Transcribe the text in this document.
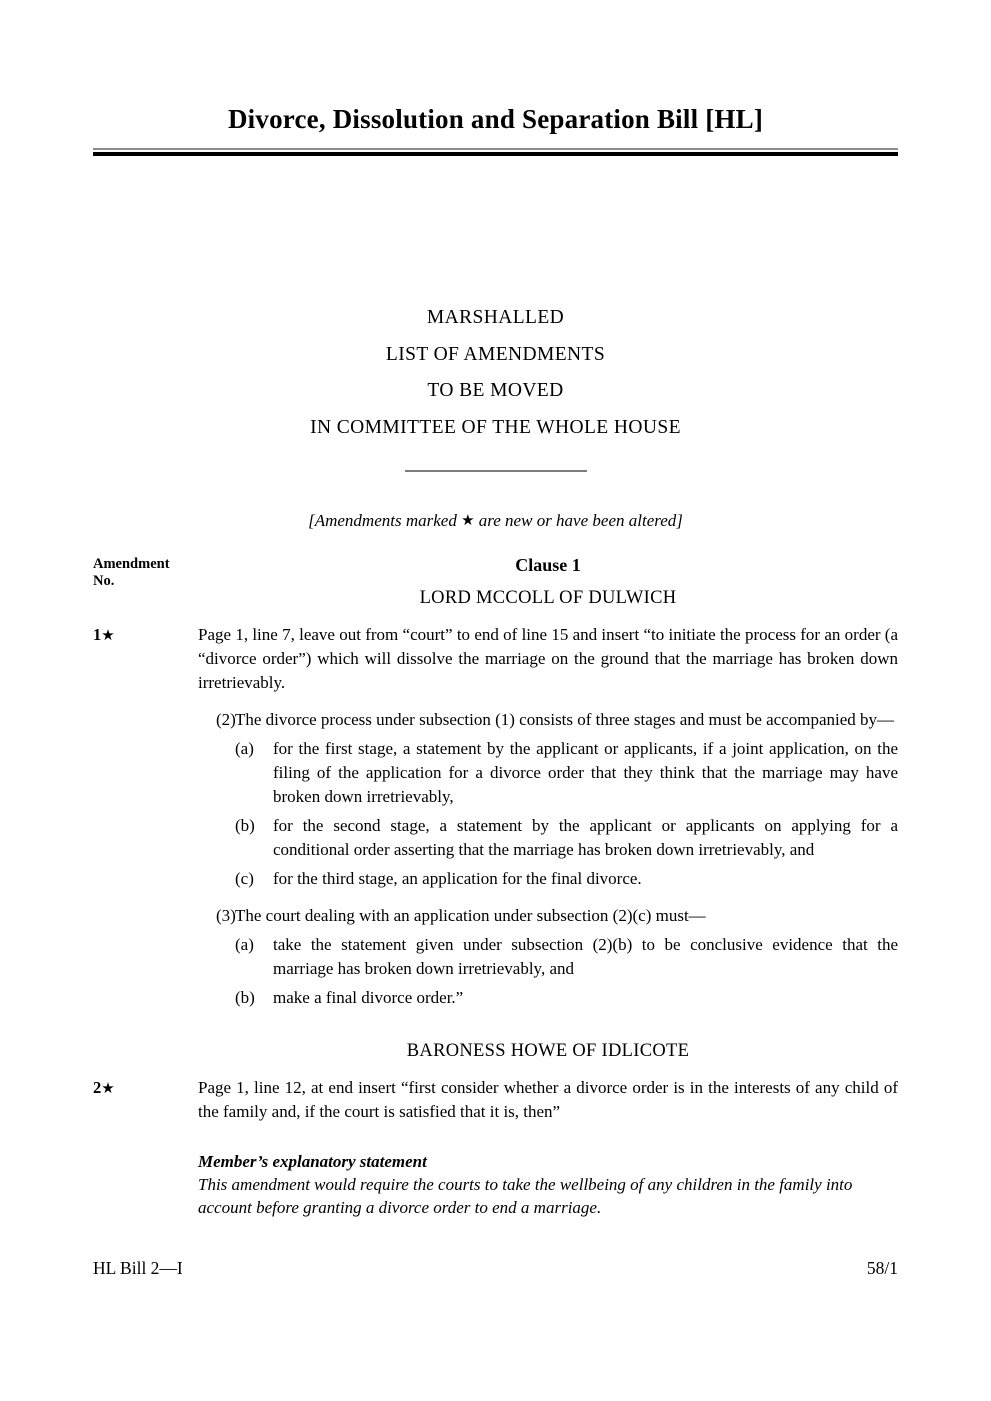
Divorce, Dissolution and Separation Bill [HL]
MARSHALLED
LIST OF AMENDMENTS
TO BE MOVED
IN COMMITTEE OF THE WHOLE HOUSE
[Amendments marked ★ are new or have been altered]
Amendment
No.
Clause 1
LORD MCCOLL OF DULWICH
1★	Page 1, line 7, leave out from “court” to end of line 15 and insert “to initiate the process for an order (a “divorce order”) which will dissolve the marriage on the ground that the marriage has broken down irretrievably.

(2) The divorce process under subsection (1) consists of three stages and must be accompanied by—

(a) for the first stage, a statement by the applicant or applicants, if a joint application, on the filing of the application for a divorce order that they think that the marriage may have broken down irretrievably,

(b) for the second stage, a statement by the applicant or applicants on applying for a conditional order asserting that the marriage has broken down irretrievably, and

(c) for the third stage, an application for the final divorce.

(3) The court dealing with an application under subsection (2)(c) must—

(a) take the statement given under subsection (2)(b) to be conclusive evidence that the marriage has broken down irretrievably, and

(b) make a final divorce order.”

BARONESS HOWE OF IDLICOTE
2★	Page 1, line 12, at end insert “first consider whether a divorce order is in the interests of any child of the family and, if the court is satisfied that it is, then”

Member’s explanatory statement
This amendment would require the courts to take the wellbeing of any children in the family into account before granting a divorce order to end a marriage.
HL Bill 2—I	58/1
